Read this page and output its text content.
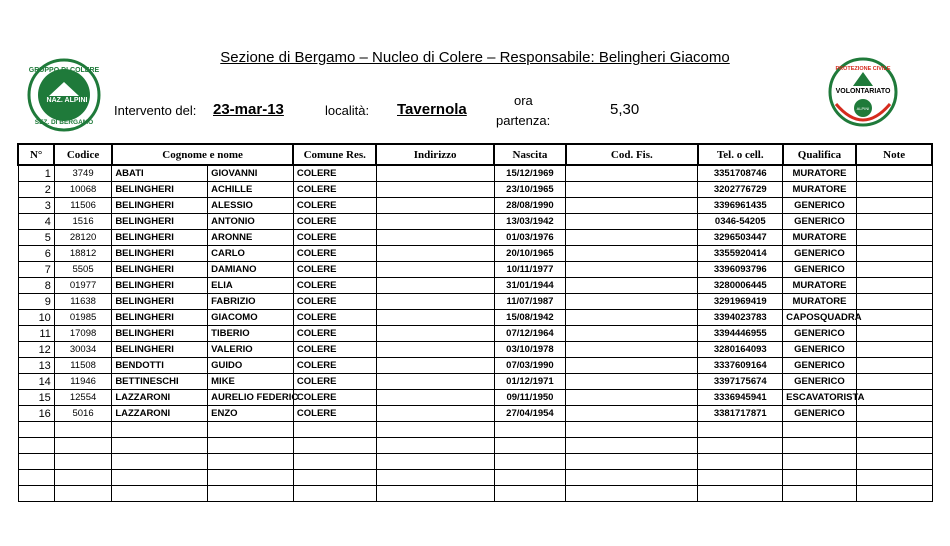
Sezione di Bergamo – Nucleo di Colere – Responsabile: Belingheri Giacomo
GRUPPO DI COLERE
NAZ. ALPINI
SEZ. DI BERGAMO
PROTEZIONE CIVILE
VOLONTARIATO
ALPINI
Intervento del: 23-mar-13	località: Tavernola
ora
partenza:
5,30
N°	Codice	Cognome e nome		Comune Res.	Indirizzo	Nascita	Cod. Fis.	Tel. o cell.	Qualifica	Note
1	3749	ABATI	GIOVANNI	COLERE		15/12/1969		3351708746	MURATORE	
2	10068	BELINGHERI	ACHILLE	COLERE		23/10/1965		3202776729	MURATORE	
3	11506	BELINGHERI	ALESSIO	COLERE		28/08/1990		3396961435	GENERICO	
4	1516	BELINGHERI	ANTONIO	COLERE		13/03/1942		0346-54205	GENERICO	
5	28120	BELINGHERI	ARONNE	COLERE		01/03/1976		3296503447	MURATORE	
6	18812	BELINGHERI	CARLO	COLERE		20/10/1965		3355920414	GENERICO	
7	5505	BELINGHERI	DAMIANO	COLERE		10/11/1977		3396093796	GENERICO	
8	01977	BELINGHERI	ELIA	COLERE		31/01/1944		3280006445	MURATORE	
9	11638	BELINGHERI	FABRIZIO	COLERE		11/07/1987		3291969419	MURATORE	
10	01985	BELINGHERI	GIACOMO	COLERE		15/08/1942		3394023783	CAPOSQUADRA	
11	17098	BELINGHERI	TIBERIO	COLERE		07/12/1964		3394446955	GENERICO	
12	30034	BELINGHERI	VALERIO	COLERE		03/10/1978		3280164093	GENERICO	
13	11508	BENDOTTI	GUIDO	COLERE		07/03/1990		3337609164	GENERICO	
14	11946	BETTINESCHI	MIKE	COLERE		01/12/1971		3397175674	GENERICO	
15	12554	LAZZARONI	AURELIO FEDERIC	COLERE		09/11/1950		3336945941	ESCAVATORISTA	
16	5016	LAZZARONI	ENZO	COLERE		27/04/1954		3381717871	GENERICO	
